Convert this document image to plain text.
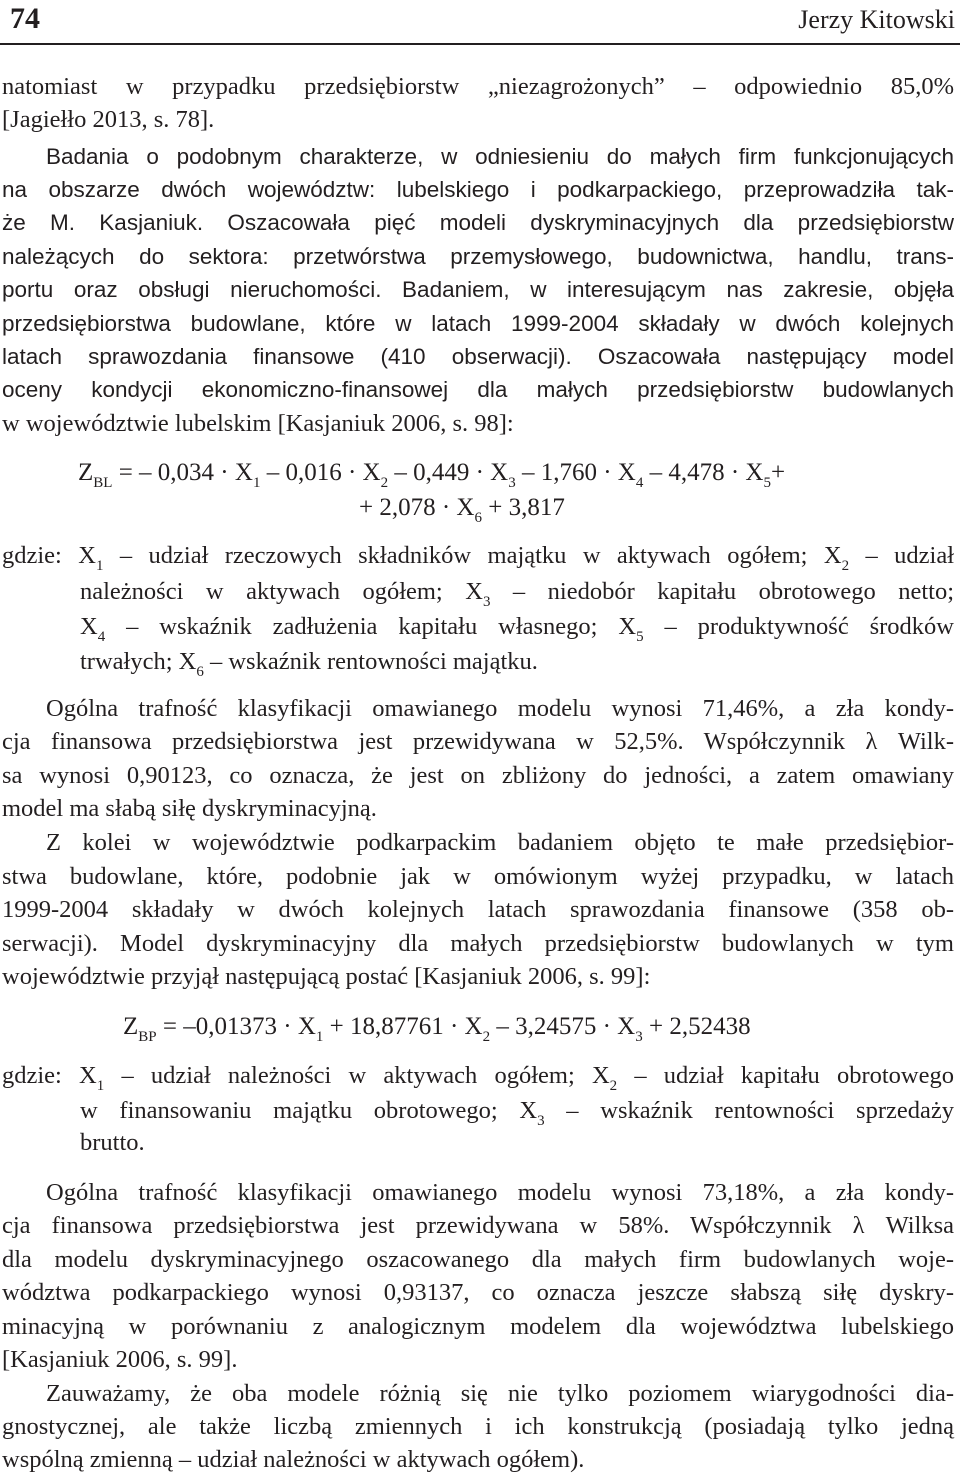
74	Jerzy Kitowski
natomiast w przypadku przedsiębiorstw „niezagrożonych” – odpowiednio 85,0%
[Jagiełło 2013, s. 78].
Badania o podobnym charakterze, w odniesieniu do małych firm funkcjonujących
na obszarze dwóch województw: lubelskiego i podkarpackiego, przeprowadziła tak-
że M. Kasjaniuk. Oszacowała pięć modeli dyskryminacyjnych dla przedsiębiorstw
należących do sektora: przetwórstwa przemysłowego, budownictwa, handlu, trans-
portu oraz obsługi nieruchomości. Badaniem, w interesującym nas zakresie, objęła
przedsiębiorstwa budowlane, które w latach 1999-2004 składały w dwóch kolejnych
latach sprawozdania finansowe (410 obserwacji). Oszacowała następujący model
oceny kondycji ekonomiczno-finansowej dla małych przedsiębiorstw budowlanych
w województwie lubelskim [Kasjaniuk 2006, s. 98]:
$Z_{BL}$ = – $0,034 \cdot X_1 - 0,016 \cdot X_2 - 0,449 \cdot X_3 - 1,760 \cdot X_4 - 4,478 \cdot X_5+$
+ $2,078 \cdot X_6 + 3,817$
gdzie: $X_1$ – udział rzeczowych składników majątku w aktywach ogółem; $X_2$ – udział
należności w aktywach ogółem; $X_3$ – niedobór kapitału obrotowego netto;
$X_4$ – wskaźnik zadłużenia kapitału własnego; $X_5$ – produktywność środków
trwałych; $X_6$ – wskaźnik rentowności majątku.
Ogólna trafność klasyfikacji omawianego modelu wynosi 71,46%, a zła kondy-
cja finansowa przedsiębiorstwa jest przewidywana w 52,5%. Współczynnik λ Wilk-
sa wynosi 0,90123, co oznacza, że jest on zbliżony do jedności, a zatem omawiany
model ma słabą siłę dyskryminacyjną.
Z kolei w województwie podkarpackim badaniem objęto te małe przedsiębior-
stwa budowlane, które, podobnie jak w omówionym wyżej przypadku, w latach
1999-2004 składały w dwóch kolejnych latach sprawozdania finansowe (358 ob-
serwacji). Model dyskryminacyjny dla małych przedsiębiorstw budowlanych w tym
województwie przyjął następującą postać [Kasjaniuk 2006, s. 99]:
$Z_{BP} = -0,01373 \cdot X_1 + 18,87761 \cdot X_2 - 3,24575 \cdot X_3 + 2,52438$
gdzie: $X_1$ – udział należności w aktywach ogółem; $X_2$ – udział kapitału obrotowego
w finansowaniu majątku obrotowego; $X_3$ – wskaźnik rentowności sprzedaży
brutto.
Ogólna trafność klasyfikacji omawianego modelu wynosi 73,18%, a zła kondy-
cja finansowa przedsiębiorstwa jest przewidywana w 58%. Współczynnik λ Wilksa
dla modelu dyskryminacyjnego oszacowanego dla małych firm budowlanych woje-
wództwa podkarpackiego wynosi 0,93137, co oznacza jeszcze słabszą siłę dyskry-
minacyjną w porównaniu z analogicznym modelem dla województwa lubelskiego
[Kasjaniuk 2006, s. 99].
Zauważamy, że oba modele różnią się nie tylko poziomem wiarygodności dia-
gnostycznej, ale także liczbą zmiennych i ich konstrukcją (posiadają tylko jedną
wspólną zmienną – udział należności w aktywach ogółem).
